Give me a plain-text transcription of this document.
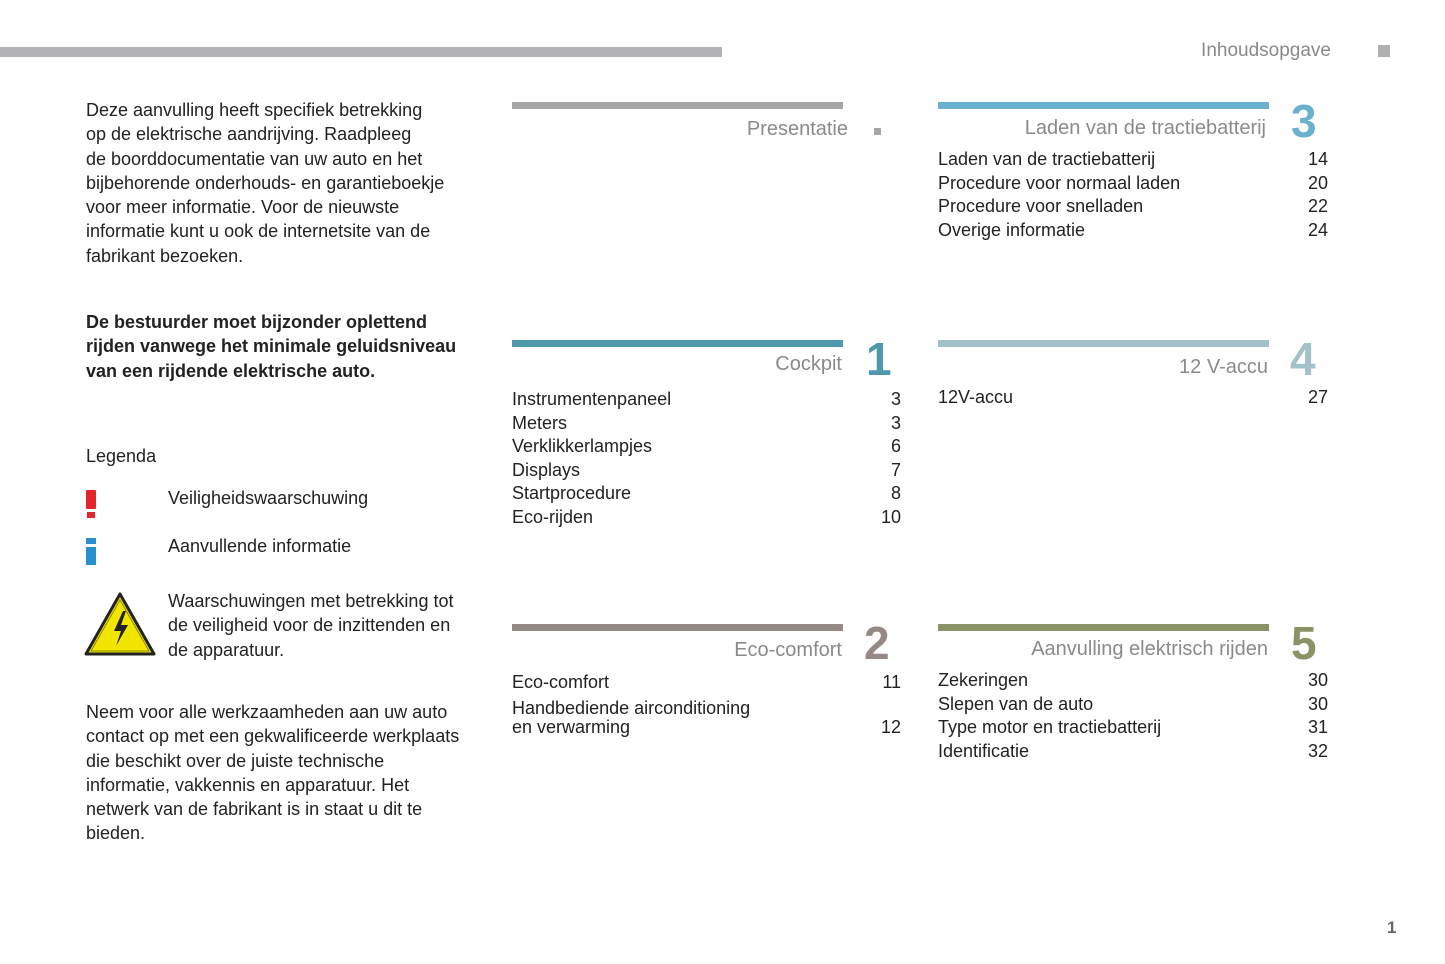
Inhoudsopgave
Deze aanvulling heeft specifiek betrekking
op de elektrische aandrijving. Raadpleeg
de boorddocumentatie van uw auto en het
bijbehorende onderhouds- en garantieboekje
voor meer informatie. Voor de nieuwste
informatie kunt u ook de internetsite van de
fabrikant bezoeken.
De bestuurder moet bijzonder oplettend
rijden vanwege het minimale geluidsniveau
van een rijdende elektrische auto.
Legenda
Veiligheidswaarschuwing
Aanvullende informatie
Waarschuwingen met betrekking tot
de veiligheid voor de inzittenden en
de apparatuur.
Neem voor alle werkzaamheden aan uw auto
contact op met een gekwalificeerde werkplaats
die beschikt over de juiste technische
informatie, vakkennis en apparatuur. Het
netwerk van de fabrikant is in staat u dit te
bieden.
Presentatie
Cockpit 1
Instrumentenpaneel	3
Meters	3
Verklikkerlampjes	6
Displays	7
Startprocedure	8
Eco-rijden	10
Eco-comfort 2
Eco-comfort	11
Handbediende airconditioning
en verwarming	12
Laden van de tractiebatterij 3
Laden van de tractiebatterij	14
Procedure voor normaal laden	20
Procedure voor snelladen	22
Overige informatie	24
12 V-accu 4
12V-accu	27
Aanvulling elektrisch rijden 5
Zekeringen	30
Slepen van de auto	30
Type motor en tractiebatterij	31
Identificatie	32
1
